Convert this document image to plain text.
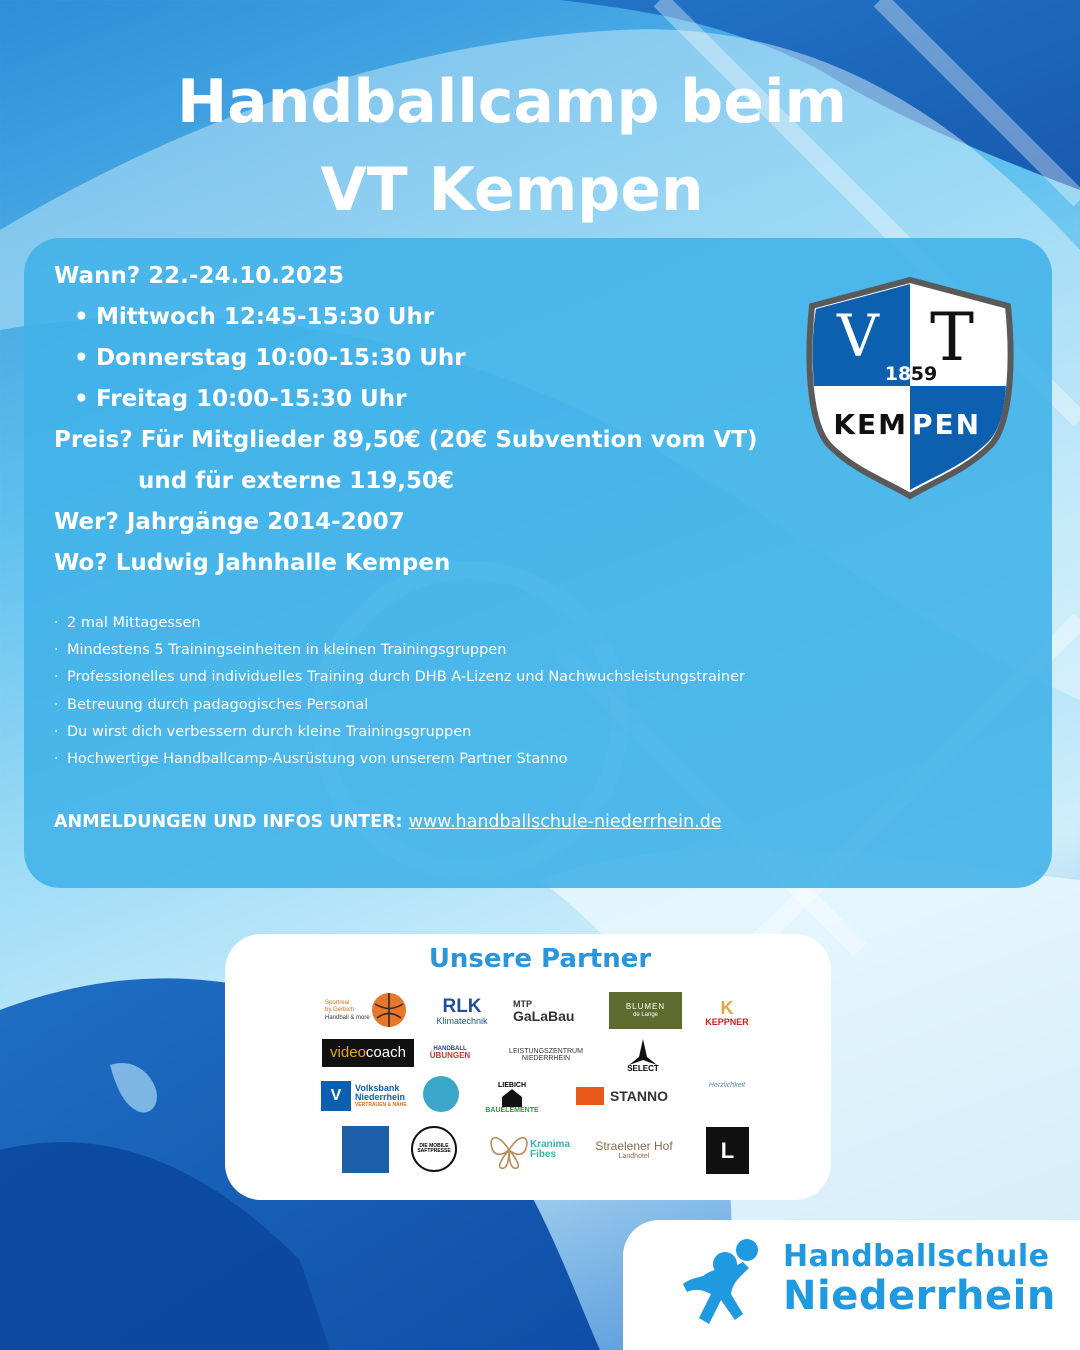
Handballcamp beim
VT Kempen
Wann? 22.-24.10.2025
• Mittwoch 12:45-15:30 Uhr
• Donnerstag 10:00-15:30 Uhr
• Freitag 10:00-15:30 Uhr
Preis? Für Mitglieder 89,50€ (20€ Subvention vom VT)
und für externe 119,50€
Wer? Jahrgänge 2014-2007
Wo? Ludwig Jahnhalle Kempen
· 2 mal Mittagessen
· Mindestens 5 Trainingseinheiten in kleinen Trainingsgruppen
· Professionelles und individuelles Training durch DHB A-Lizenz und Nachwuchsleistungstrainer
· Betreuung durch padagogisches Personal
· Du wirst dich verbessern durch kleine Trainingsgruppen
· Hochwertige Handballcamp-Ausrüstung von unserem Partner Stanno
ANMELDUNGEN UND INFOS UNTER: www.handballschule-niederrhein.de
V T
18 59
KEM PEN
Unsere Partner
Sportreal
by Gerbich
Handball & more
RLK
Klimatechnik
MTP
GaLaBau
BLUMEN
de Lange	K
KEPPNER
video coach	HANDBALL
ÜBUNGEN	LEISTUNGSZENTRUM
NIEDERRHEIN
SELECT
Herzlichkeit
V	Volksbank
Niederrhein
VERTRAUEN & NÄHE
LIEBICH
BAUELEMENTE
STANNO
DIE MOBILE
SAFTPRESSE
Kranima
Fibes
Straelener Hof
Landhotel	L
Handballschule
Niederrhein
